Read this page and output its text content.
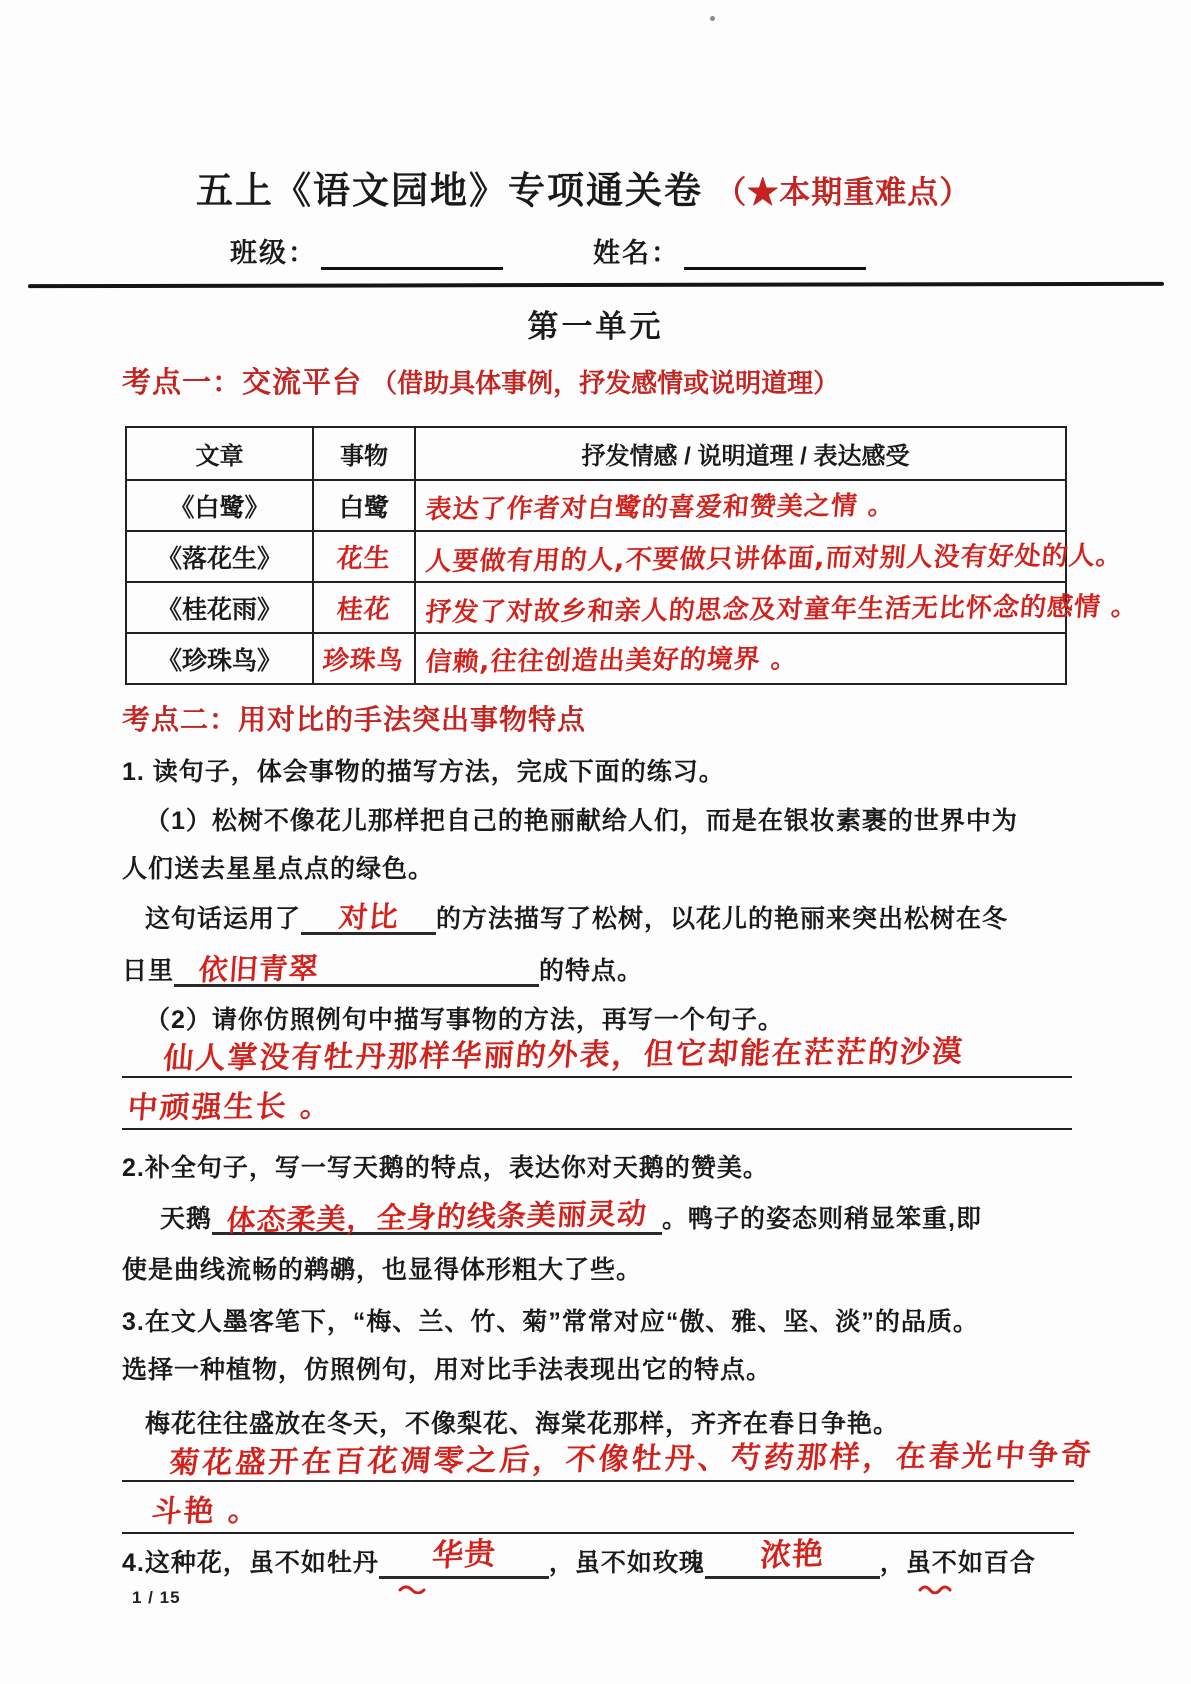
五上《语文园地》专项通关卷 （★本期重难点）
班级：	姓名：
第一单元
考点一：交流平台 （借助具体事例，抒发感情或说明道理）
文章	事物	抒发情感 / 说明道理 / 表达感受
《白鹭》	白鹭	表达了作者对白鹭的喜爱和赞美之情 。
《落花生》	花生 人要做有用的人,不要做只讲体面,而对别人没有好处的人。
《桂花雨》	桂花 抒发了对故乡和亲人的思念及对童年生活无比怀念的感情 。
《珍珠鸟》	珍珠鸟 信赖,往往创造出美好的境界 。
考点二：用对比的手法突出事物特点
1. 读句子，体会事物的描写方法，完成下面的练习。
（1）松树不像花儿那样把自己的艳丽献给人们，而是在银妆素裹的世界中为
人们送去星星点点的绿色。
这句话运用了 对比 的方法描写了松树，以花儿的艳丽来突出松树在冬
日里 依旧青翠	的特点。
（2）请你仿照例句中描写事物的方法，再写一个句子。
仙人掌没有牡丹那样华丽的外表，但它却能在茫茫的沙漠
中顽强生长 。
2.补全句子，写一写天鹅的特点，表达你对天鹅的赞美。
天鹅 体态柔美，全身的线条美丽灵动 。鸭子的姿态则稍显笨重,即
使是曲线流畅的鹈鹕，也显得体形粗大了些。
3.在文人墨客笔下，“梅、兰、竹、菊”常常对应“傲、雅、坚、淡”的品质。
选择一种植物，仿照例句，用对比手法表现出它的特点。
梅花往往盛放在冬天，不像梨花、海棠花那样，齐齐在春日争艳。
菊花盛开在百花凋零之后，不像牡丹、芍药那样，在春光中争奇
斗艳 。
4.这种花，虽不如牡丹 华贵 ，虽不如玫瑰 浓艳 ，虽不如百合
1 / 15
